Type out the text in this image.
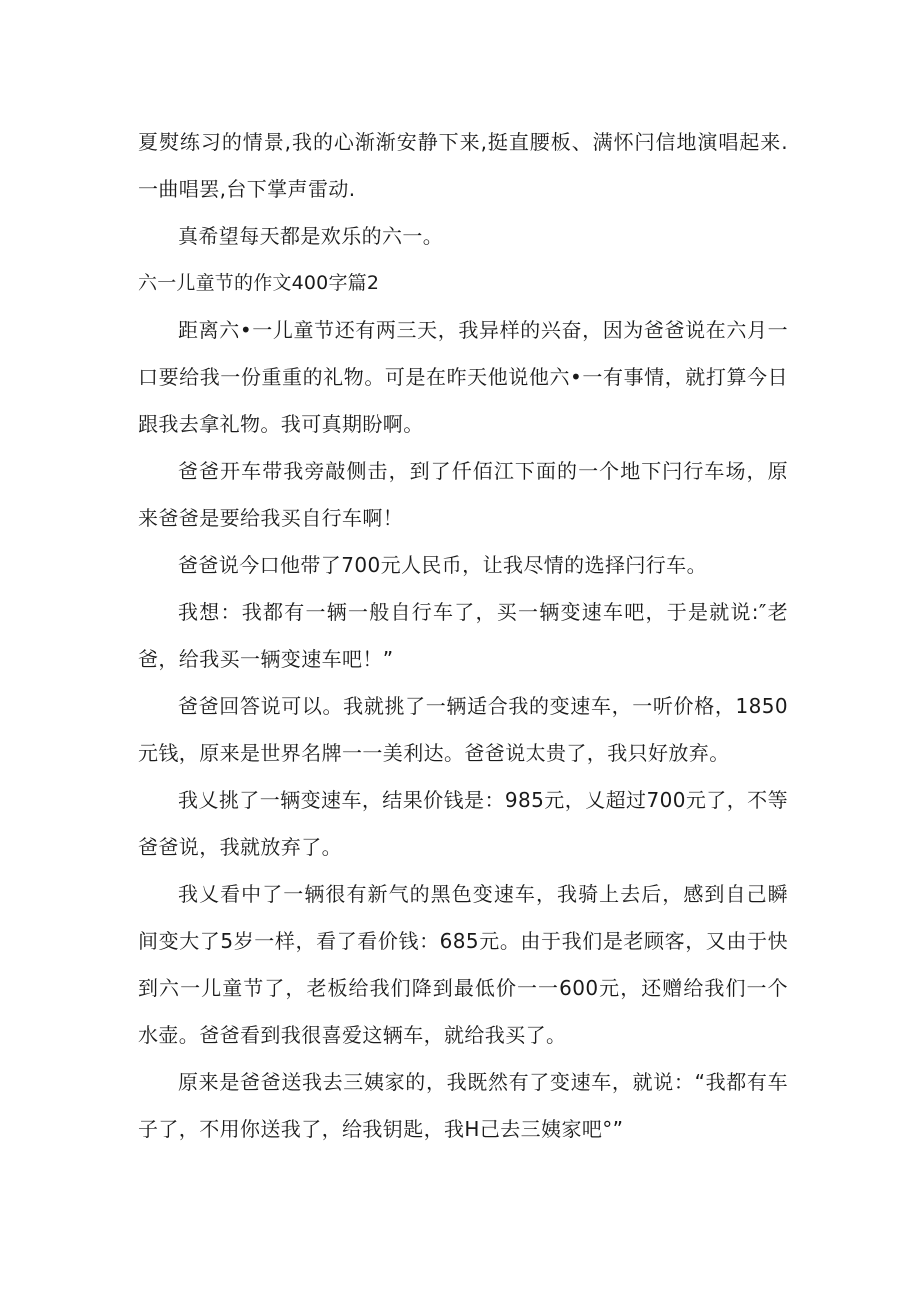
夏熨练习的情景,我的心渐渐安静下来,挺直腰板、满怀闩信地演唱起来.一曲唱罢,台下掌声雷动.

真希望每天都是欢乐的六一。

六一儿童节的作文400字篇2

距离六•一儿童节还有两三天，我异样的兴奋，因为爸爸说在六月一口要给我一份重重的礼物。可是在昨天他说他六•一有事情，就打算今日跟我去拿礼物。我可真期盼啊。

爸爸开车带我旁敲侧击，到了仟佰江下面的一个地下闩行车场，原来爸爸是要给我买自行车啊！

爸爸说今口他带了700元人民币，让我尽情的选择闩行车。

我想：我都有一辆一般自行车了，买一辆变速车吧，于是就说:″老爸，给我买一辆变速车吧！”

爸爸回答说可以。我就挑了一辆适合我的变速车，一听价格，1850元钱，原来是世界名牌一一美利达。爸爸说太贵了，我只好放弃。

我乂挑了一辆变速车，结果价钱是：985元，乂超过700元了，不等爸爸说，我就放弃了。

我乂看中了一辆很有新气的黑色变速车，我骑上去后，感到自己瞬间变大了5岁一样，看了看价钱：685元。由于我们是老顾客，又由于快到六一儿童节了，老板给我们降到最低价一一600元，还赠给我们一个水壶。爸爸看到我很喜爱这辆车，就给我买了。

原来是爸爸送我去三姨家的，我既然有了变速车，就说：“我都有车子了，不用你送我了，给我钥匙，我H己去三姨家吧°”
